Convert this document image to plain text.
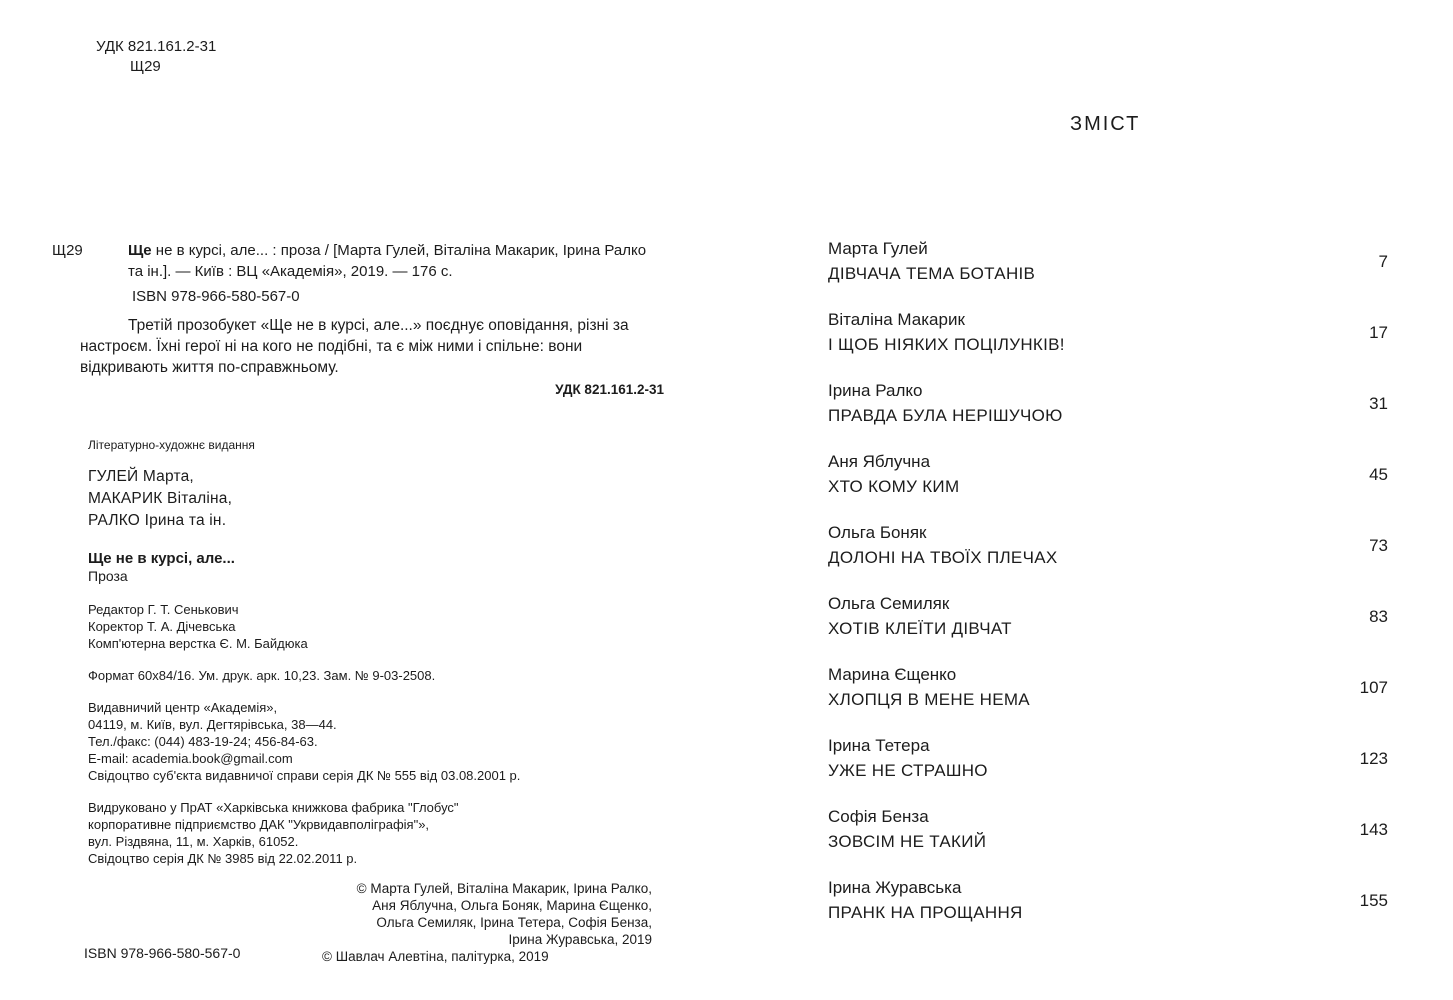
УДК 821.161.2-31
Щ29
Щ29	Ще не в курсі, але... : проза / [Марта Гулей, Віталіна Макарик, Ірина Ралко та ін.]. — Київ : ВЦ «Академія», 2019. — 176 с.
ISBN 978-966-580-567-0
Третій прозобукет «Ще не в курсі, але...» поєднує оповідання, різні за настроєм. Їхні герої ні на кого не подібні, та є між ними і спільне: вони відкривають життя по-справжньому.
УДК 821.161.2-31
Літературно-художнє видання
ГУЛЕЙ Марта,
МАКАРИК Віталіна,
РАЛКО Ірина та ін.
Ще не в курсі, але...
Проза
Редактор Г. Т. Сенькович
Коректор Т. А. Дічевська
Комп'ютерна верстка Є. М. Байдюка
Формат 60x84/16. Ум. друк. арк. 10,23. Зам. № 9-03-2508.
Видавничий центр «Академія»,
04119, м. Київ, вул. Дегтярівська, 38—44.
Тел./факс: (044) 483-19-24; 456-84-63.
E-mail: academia.book@gmail.com
Свідоцтво суб'єкта видавничої справи серія ДК № 555 від 03.08.2001 р.
Видруковано у ПрАТ «Харківська книжкова фабрика "Глобус"
корпоративне підприємство ДАК "Укрвидавполіграфія"»,
вул. Різдвяна, 11, м. Харків, 61052.
Свідоцтво серія ДК № 3985 від 22.02.2011 р.
© Марта Гулей, Віталіна Макарик, Ірина Ралко,
Аня Яблучна, Ольга Боняк, Марина Єщенко,
Ольга Семиляк, Ірина Тетера, Софія Бенза,
Ірина Журавська, 2019
© Шавлач Алевтіна, палітурка, 2019
ISBN 978-966-580-567-0
ЗМІСТ
Марта Гулей
ДІВЧАЧА ТЕМА БОТАНІВ
7
Віталіна Макарик
І ЩОБ НІЯКИХ ПОЦІЛУНКІВ!
17
Ірина Ралко
ПРАВДА БУЛА НЕРІШУЧОЮ
31
Аня Яблучна
ХТО КОМУ КИМ
45
Ольга Боняк
ДОЛОНІ НА ТВОЇХ ПЛЕЧАХ
73
Ольга Семиляк
ХОТІВ КЛЕЇТИ ДІВЧАТ
83
Марина Єщенко
ХЛОПЦЯ В МЕНЕ НЕМА
107
Ірина Тетера
УЖЕ НЕ СТРАШНО
123
Софія Бенза
ЗОВСІМ НЕ ТАКИЙ
143
Ірина Журавська
ПРАНК НА ПРОЩАННЯ
155
